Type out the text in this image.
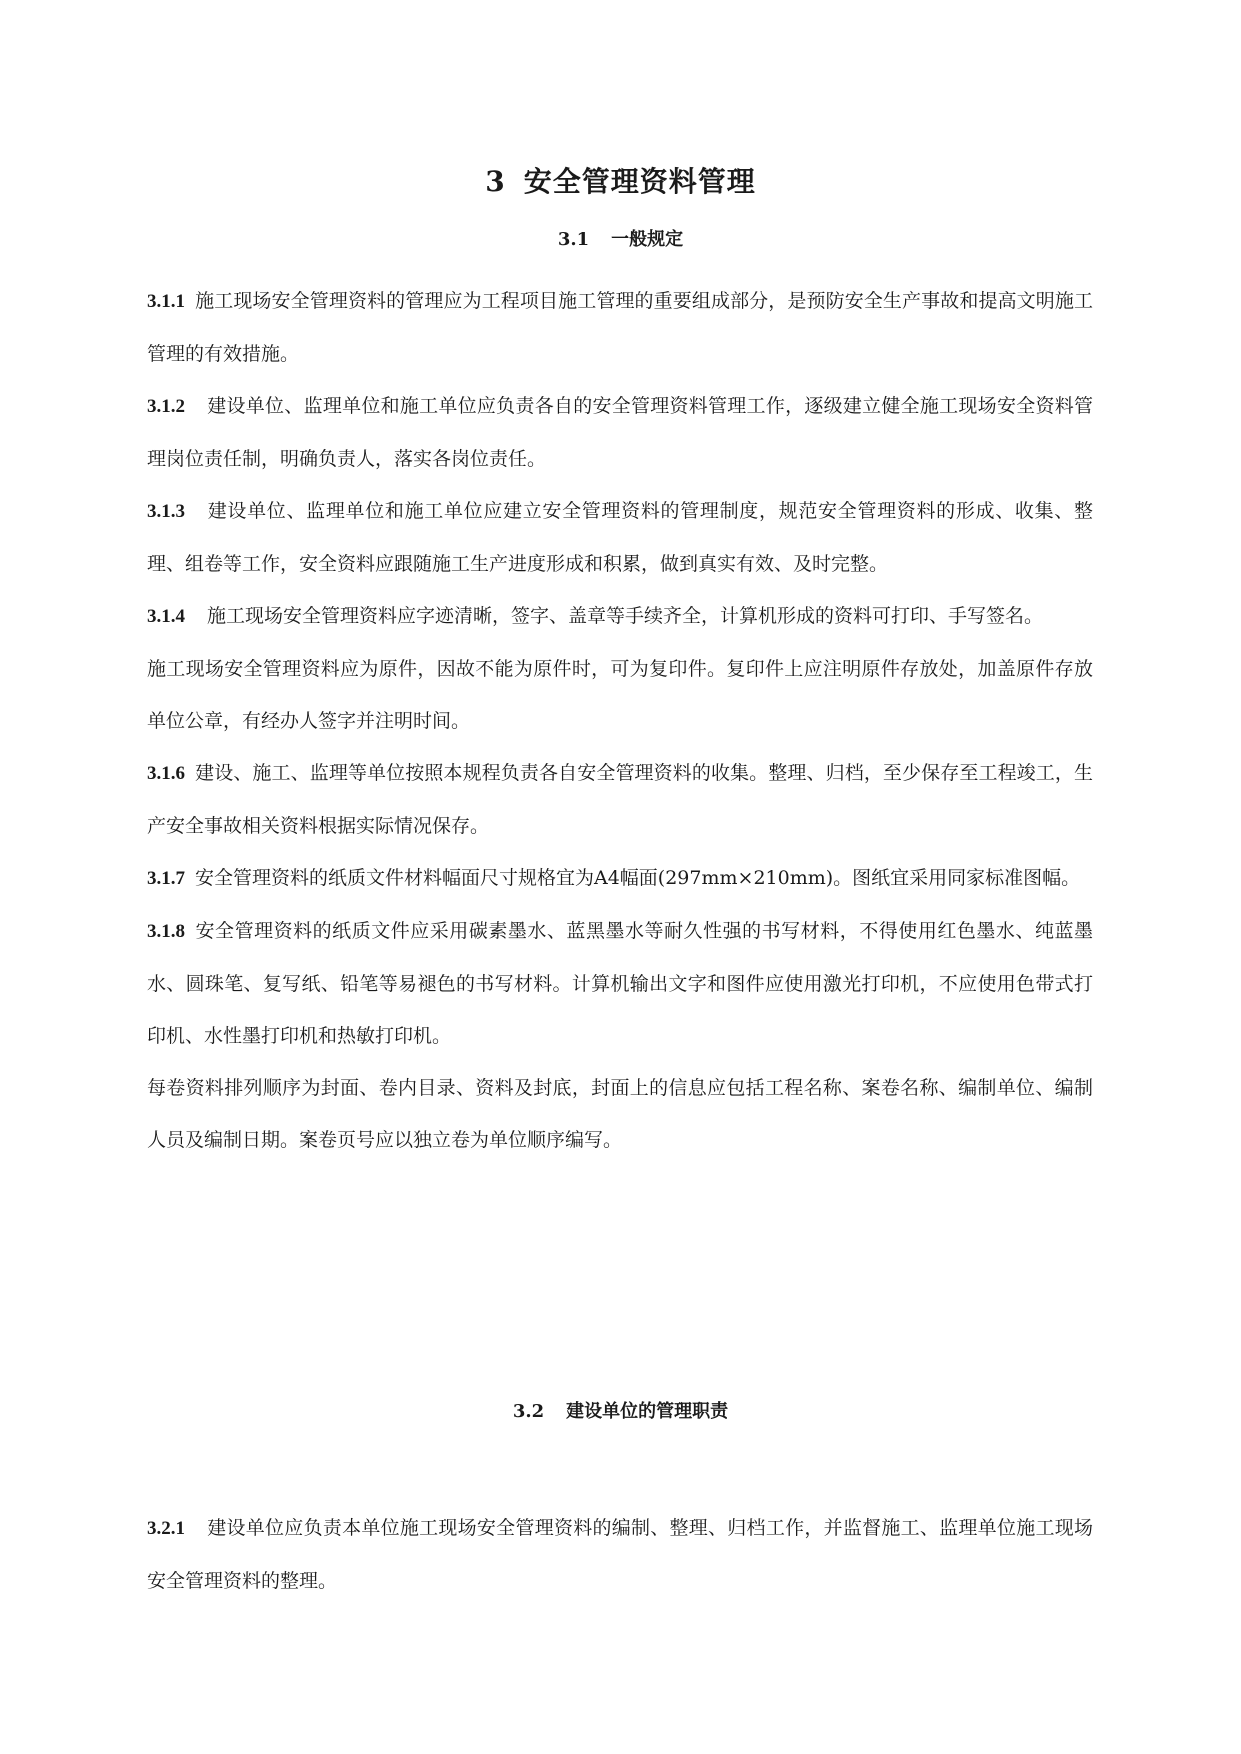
3 安全管理资料管理
3.1 一般规定

3.1.1 施工现场安全管理资料的管理应为工程项目施工管理的重要组成部分，是预防安全生产事故和提高文明施工管理的有效措施。

3.1.2 建设单位、监理单位和施工单位应负责各自的安全管理资料管理工作，逐级建立健全施工现场安全资料管理岗位责任制，明确负责人，落实各岗位责任。

3.1.3 建设单位、监理单位和施工单位应建立安全管理资料的管理制度，规范安全管理资料的形成、收集、整理、组卷等工作，安全资料应跟随施工生产进度形成和积累，做到真实有效、及时完整。

3.1.4 施工现场安全管理资料应字迹清晰，签字、盖章等手续齐全，计算机形成的资料可打印、手写签名。

施工现场安全管理资料应为原件，因故不能为原件时，可为复印件。复印件上应注明原件存放处，加盖原件存放单位公章，有经办人签字并注明时间。

3.1.6 建设、施工、监理等单位按照本规程负责各自安全管理资料的收集。整理、归档，至少保存至工程竣工，生产安全事故相关资料根据实际情况保存。

3.1.7 安全管理资料的纸质文件材料幅面尺寸规格宜为A4幅面(297mm×210mm)。图纸宜采用同家标准图幅。

3.1.8 安全管理资料的纸质文件应采用碳素墨水、蓝黑墨水等耐久性强的书写材料，不得使用红色墨水、纯蓝墨水、圆珠笔、复写纸、铅笔等易褪色的书写材料。计算机输出文字和图件应使用激光打印机，不应使用色带式打印机、水性墨打印机和热敏打印机。

每卷资料排列顺序为封面、卷内目录、资料及封底，封面上的信息应包括工程名称、案卷名称、编制单位、编制人员及编制日期。案卷页号应以独立卷为单位顺序编写。

3.2 建设单位的管理职责

3.2.1 建设单位应负责本单位施工现场安全管理资料的编制、整理、归档工作，并监督施工、监理单位施工现场安全管理资料的整理。
